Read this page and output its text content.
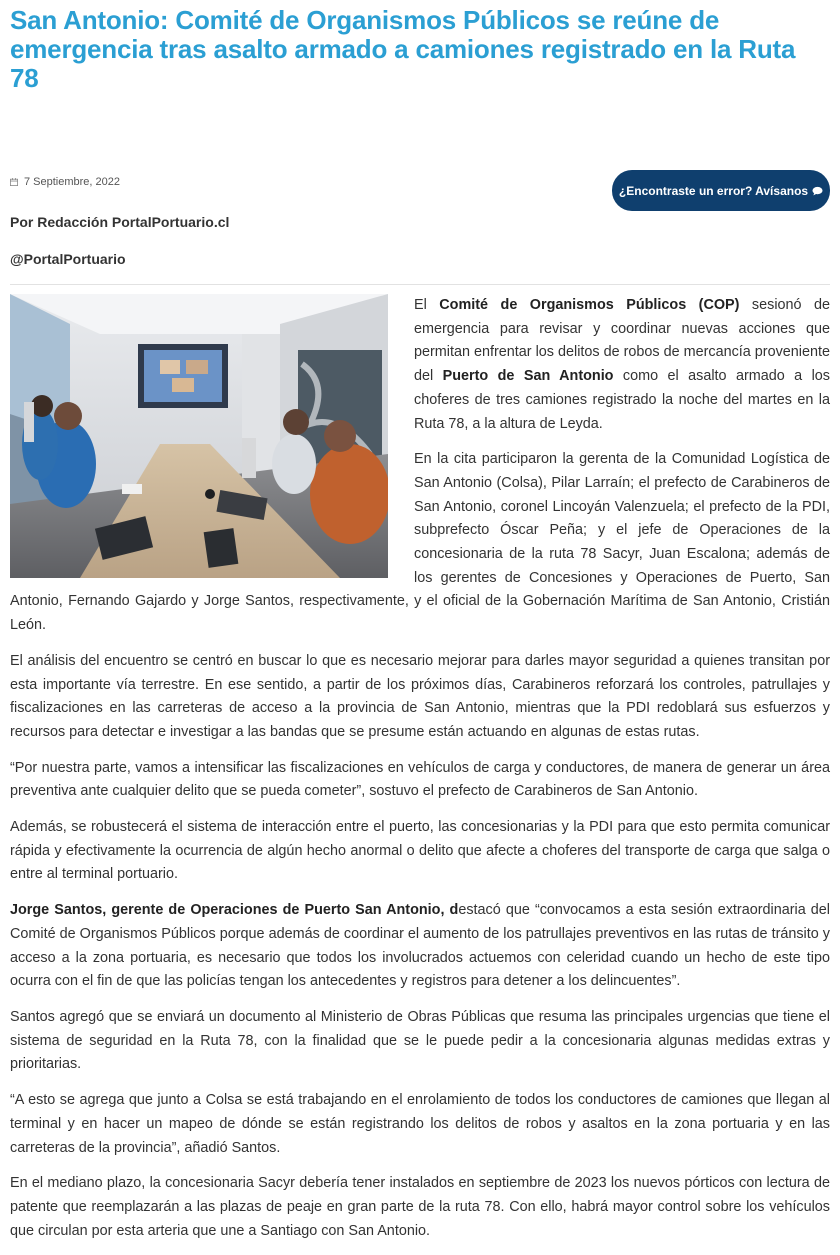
San Antonio: Comité de Organismos Públicos se reúne de emergencia tras asalto armado a camiones registrado en la Ruta 78
7 Septiembre, 2022
¿Encontraste un error? Avísanos
Por Redacción PortalPortuario.cl
@PortalPortuario

El Comité de Organismos Públicos (COP) sesionó de emergencia para revisar y coordinar nuevas acciones que permitan enfrentar los delitos de robos de mercancía proveniente del Puerto de San Antonio como el asalto armado a los choferes de tres camiones registrado la noche del martes en la Ruta 78, a la altura de Leyda.

En la cita participaron la gerenta de la Comunidad Logística de San Antonio (Colsa), Pilar Larraín; el prefecto de Carabineros de San Antonio, coronel Lincoyán Valenzuela; el prefecto de la PDI, subprefecto Óscar Peña; y el jefe de Operaciones de la concesionaria de la ruta 78 Sacyr, Juan Escalona; además de los gerentes de Concesiones y Operaciones de Puerto, San Antonio, Fernando Gajardo y Jorge Santos, respectivamente, y el oficial de la Gobernación Marítima de San Antonio, Cristián León.

El análisis del encuentro se centró en buscar lo que es necesario mejorar para darles mayor seguridad a quienes transitan por esta importante vía terrestre. En ese sentido, a partir de los próximos días, Carabineros reforzará los controles, patrullajes y fiscalizaciones en las carreteras de acceso a la provincia de San Antonio, mientras que la PDI redoblará sus esfuerzos y recursos para detectar e investigar a las bandas que se presume están actuando en algunas de estas rutas.

“Por nuestra parte, vamos a intensificar las fiscalizaciones en vehículos de carga y conductores, de manera de generar un área preventiva ante cualquier delito que se pueda cometer”, sostuvo el prefecto de Carabineros de San Antonio.

Además, se robustecerá el sistema de interacción entre el puerto, las concesionarias y la PDI para que esto permita comunicar rápida y efectivamente la ocurrencia de algún hecho anormal o delito que afecte a choferes del transporte de carga que salga o entre al terminal portuario.

Jorge Santos, gerente de Operaciones de Puerto San Antonio, destacó que “convocamos a esta sesión extraordinaria del Comité de Organismos Públicos porque además de coordinar el aumento de los patrullajes preventivos en las rutas de tránsito y acceso a la zona portuaria, es necesario que todos los involucrados actuemos con celeridad cuando un hecho de este tipo ocurra con el fin de que las policías tengan los antecedentes y registros para detener a los delincuentes”.

Santos agregó que se enviará un documento al Ministerio de Obras Públicas que resuma las principales urgencias que tiene el sistema de seguridad en la Ruta 78, con la finalidad que se le puede pedir a la concesionaria algunas medidas extras y prioritarias.

“A esto se agrega que junto a Colsa se está trabajando en el enrolamiento de todos los conductores de camiones que llegan al terminal y en hacer un mapeo de dónde se están registrando los delitos de robos y asaltos en la zona portuaria y en las carreteras de la provincia”, añadió Santos.

En el mediano plazo, la concesionaria Sacyr debería tener instalados en septiembre de 2023 los nuevos pórticos con lectura de patente que reemplazarán a las plazas de peaje en gran parte de la ruta 78. Con ello, habrá mayor control sobre los vehículos que circulan por esta arteria que une a Santiago con San Antonio.
